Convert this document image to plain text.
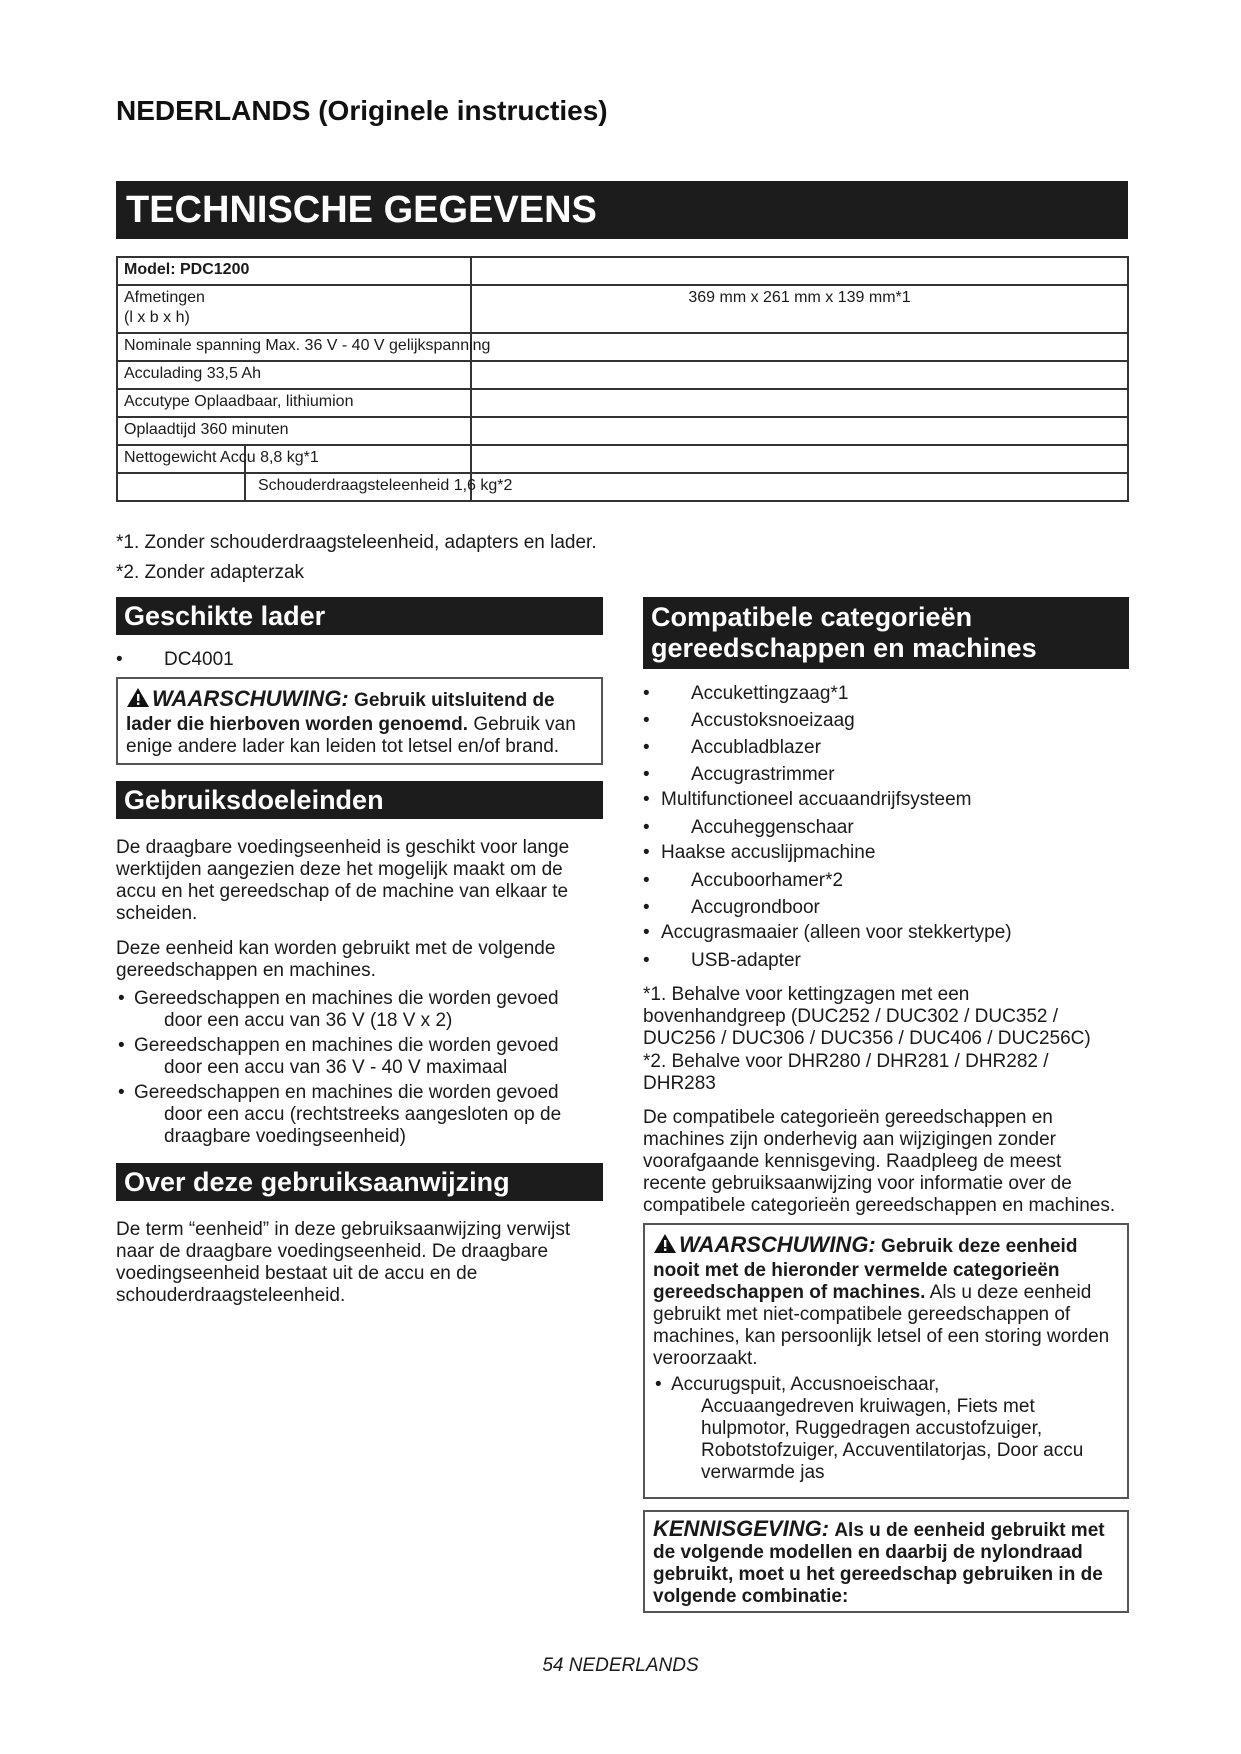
NEDERLANDS (Originele instructies)
TECHNISCHE GEGEVENS
Model: PDC1200	

Afmetingen
(l x b x h)	369 mm x 261 mm x 139 mm*1
Nominale spanning Max. 36 V - 40 V gelijkspanning	

Acculading 33,5 Ah	
Accutype Oplaadbaar, lithiumion	
Oplaadtijd 360 minuten	
Nettogewicht Accu 8,8 kg*1

Schouderdraagsteleenheid 1,6 kg*2	
*1. Zonder schouderdraagsteleenheid, adapters en lader.
*2. Zonder adapterzak
Geschikte lader
• DC4001
WAARSCHUWING: Gebruik uitsluitend de lader die hierboven worden genoemd. Gebruik van enige andere lader kan leiden tot letsel en/of brand.
Gebruiksdoeleinden
De draagbare voedingseenheid is geschikt voor lange werktijden aangezien deze het mogelijk maakt om de accu en het gereedschap of de machine van elkaar te scheiden.
Deze eenheid kan worden gebruikt met de volgende gereedschappen en machines.
• Gereedschappen en machines die worden gevoed
door een accu van 36 V (18 V x 2)
• Gereedschappen en machines die worden gevoed
door een accu van 36 V - 40 V maximaal
• Gereedschappen en machines die worden gevoed
door een accu (rechtstreeks aangesloten op de draagbare voedingseenheid)
Over deze gebruiksaanwijzing
De term “eenheid” in deze gebruiksaanwijzing verwijst naar de draagbare voedingseenheid. De draagbare voedingseenheid bestaat uit de accu en de schouderdraagsteleenheid.
Compatibele categorieën
gereedschappen en machines
• Accukettingzaag*1
• Accustoksnoeizaag
• Accubladblazer
• Accugrastrimmer
• Multifunctioneel accuaandrijfsysteem
• Accuheggenschaar
• Haakse accuslijpmachine
• Accuboorhamer*2
• Accugrondboor
• Accugrasmaaier (alleen voor stekkertype)
• USB-adapter
*1. Behalve voor kettingzagen met een bovenhandgreep (DUC252 / DUC302 / DUC352 / DUC256 / DUC306 / DUC356 / DUC406 / DUC256C)
*2. Behalve voor DHR280 / DHR281 / DHR282 / DHR283
De compatibele categorieën gereedschappen en machines zijn onderhevig aan wijzigingen zonder voorafgaande kennisgeving. Raadpleeg de meest recente gebruiksaanwijzing voor informatie over de compatibele categorieën gereedschappen en machines.
WAARSCHUWING: Gebruik deze eenheid nooit met de hieronder vermelde categorieën gereedschappen of machines. Als u deze eenheid gebruikt met niet-compatibele gereedschappen of machines, kan persoonlijk letsel of een storing worden veroorzaakt.
• Accurugspuit, Accusnoeischaar,
Accuaangedreven kruiwagen, Fiets met hulpmotor, Ruggedragen accustofzuiger, Robotstofzuiger, Accuventilatorjas, Door accu verwarmde jas
KENNISGEVING: Als u de eenheid gebruikt met de volgende modellen en daarbij de nylondraad gebruikt, moet u het gereedschap gebruiken in de volgende combinatie:
54 NEDERLANDS
